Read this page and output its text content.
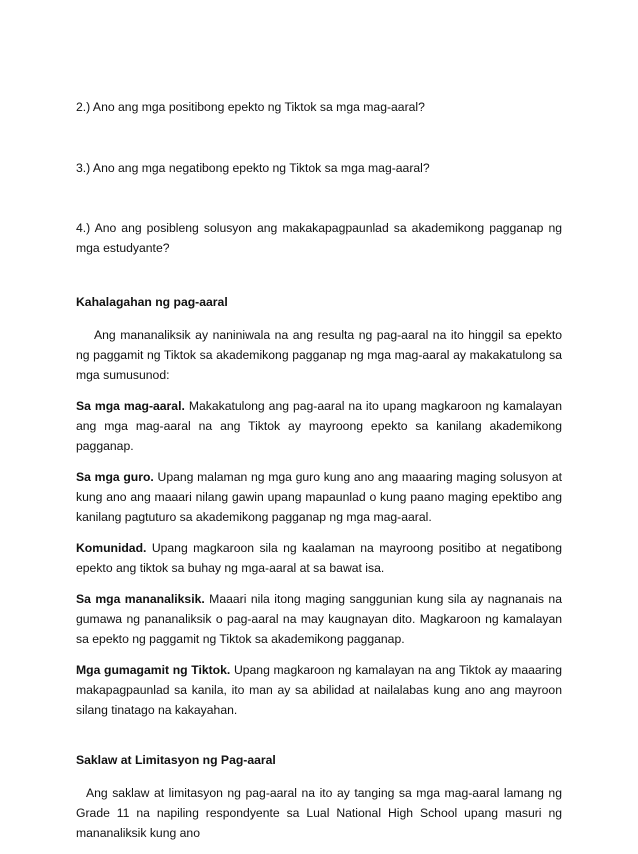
2.) Ano ang mga positibong epekto ng Tiktok sa mga mag-aaral?

3.) Ano ang mga negatibong epekto ng Tiktok sa mga mag-aaral?

4.) Ano ang posibleng solusyon ang makakapagpaunlad sa akademikong pagganap ng mga estudyante?

Kahalagahan ng pag-aaral

Ang mananaliksik ay naniniwala na ang resulta ng pag-aaral na ito hinggil sa epekto ng paggamit ng Tiktok sa akademikong pagganap ng mga mag-aaral ay makakatulong sa mga sumusunod:

Sa mga mag-aaral. Makakatulong ang pag-aaral na ito upang magkaroon ng kamalayan ang mga mag-aaral na ang Tiktok ay mayroong epekto sa kanilang akademikong pagganap.

Sa mga guro. Upang malaman ng mga guro kung ano ang maaaring maging solusyon at kung ano ang maaari nilang gawin upang mapaunlad o kung paano maging epektibo ang kanilang pagtuturo sa akademikong pagganap ng mga mag-aaral.

Komunidad. Upang magkaroon sila ng kaalaman na mayroong positibo at negatibong epekto ang tiktok sa buhay ng mga-aaral at sa bawat isa.

Sa mga mananaliksik. Maaari nila itong maging sanggunian kung sila ay nagnanais na gumawa ng pananaliksik o pag-aaral na may kaugnayan dito. Magkaroon ng kamalayan sa epekto ng paggamit ng Tiktok sa akademikong pagganap.

Mga gumagamit ng Tiktok. Upang magkaroon ng kamalayan na ang Tiktok ay maaaring makapagpaunlad sa kanila, ito man ay sa abilidad at nailalabas kung ano ang mayroon silang tinatago na kakayahan.

Saklaw at Limitasyon ng Pag-aaral

Ang saklaw at limitasyon ng pag-aaral na ito ay tanging sa mga mag-aaral lamang ng Grade 11 na napiling respondyente sa Lual National High School upang masuri ng mananaliksik kung ano
